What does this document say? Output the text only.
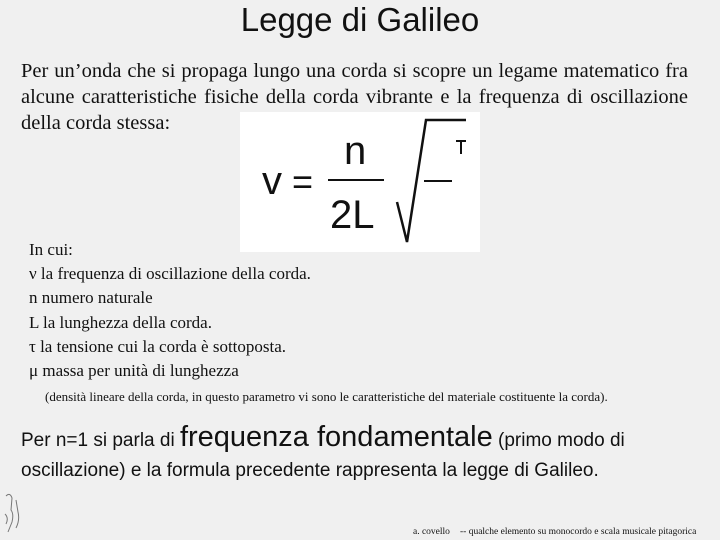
Legge di Galileo
Per un’onda che si propaga lungo una corda si scopre un legame matematico fra alcune caratteristiche fisiche della corda vibrante e la frequenza di oscillazione della corda stessa:
v =
n
2L
In cui:
ν la frequenza di oscillazione della corda.
n numero naturale
L la lunghezza della corda.
τ la tensione cui la corda è sottoposta.
μ massa per unità di lunghezza
(densità lineare della corda, in questo parametro vi sono le caratteristiche del materiale costituente la corda).
Per n=1 si parla di frequenza fondamentale (primo modo di oscillazione) e la formula precedente rappresenta la legge di Galileo.
a. covello -- qualche elemento su monocordo e scala musicale pitagorica
